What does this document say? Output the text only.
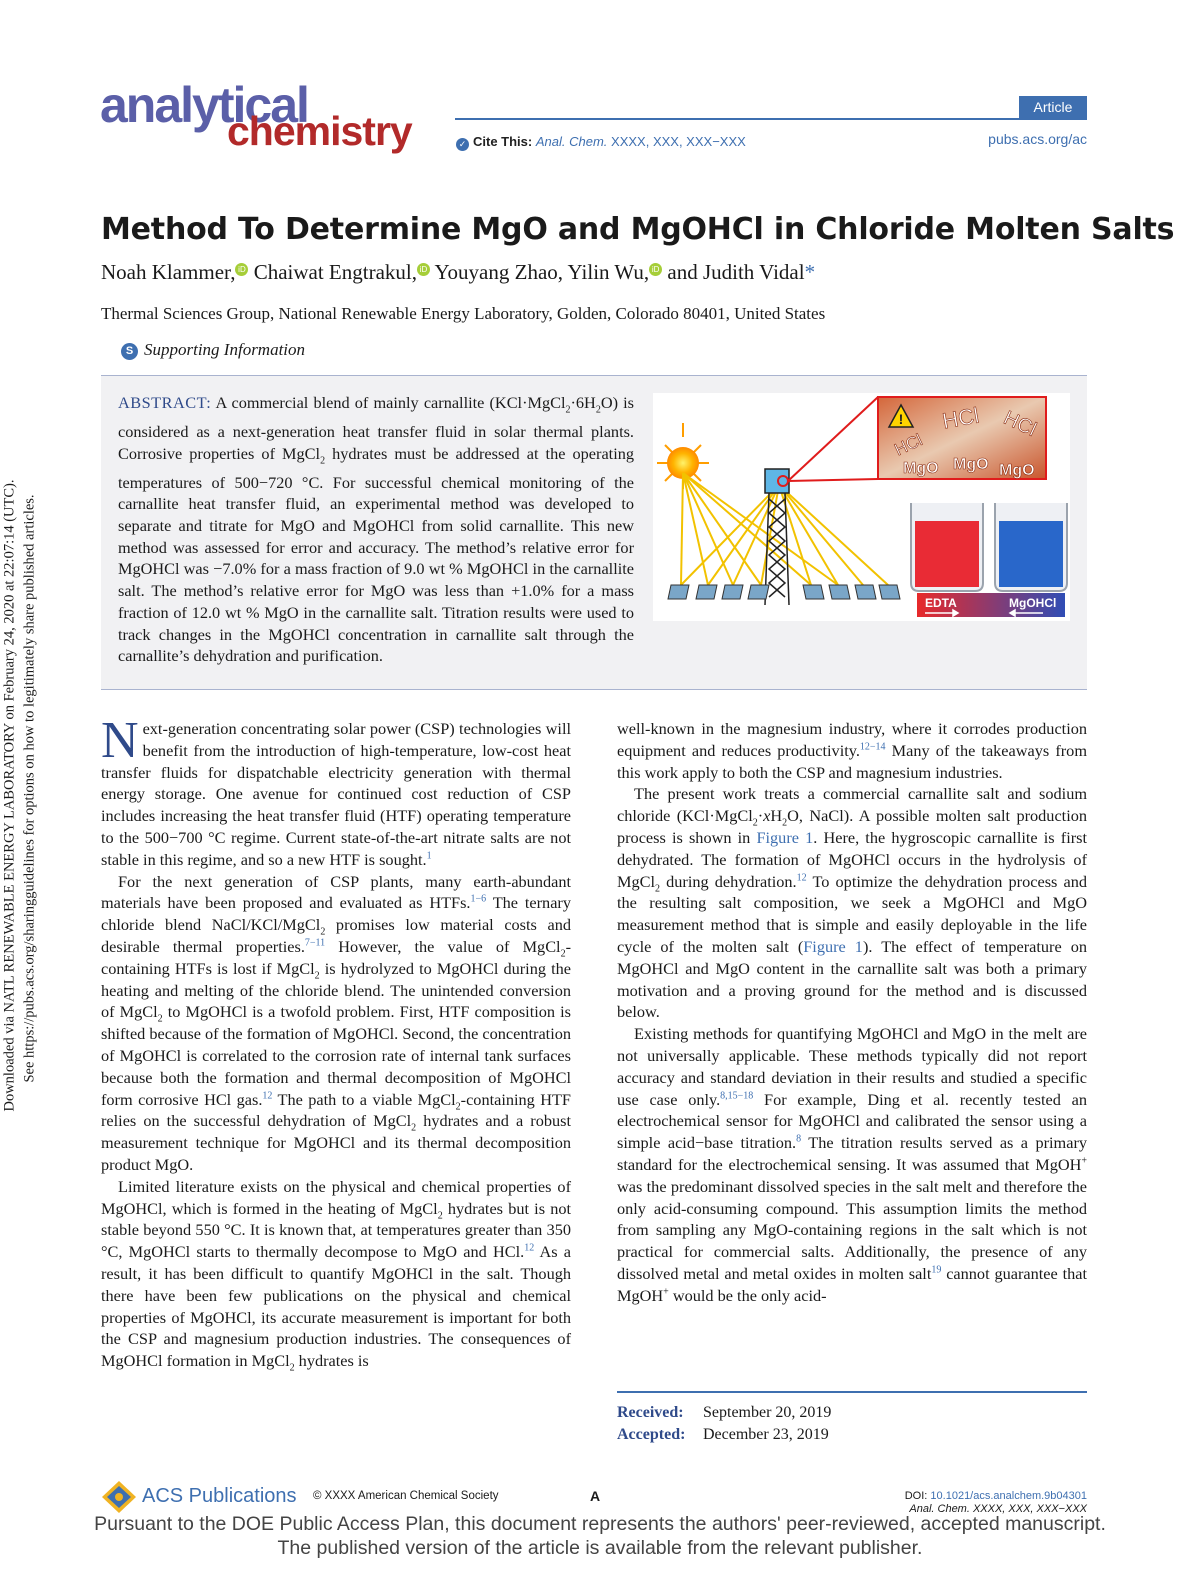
Downloaded via NATL RENEWABLE ENERGY LABORATORY on February 24, 2020 at 22:07:14 (UTC). See https://pubs.acs.org/sharingguidelines for options on how to legitimately share published articles.
analytical
chemistry
Article
✓ Cite This: Anal. Chem. XXXX, XXX, XXX−XXX	pubs.acs.org/ac
Method To Determine MgO and MgOHCl in Chloride Molten Salts
Noah Klammer, iD Chaiwat Engtrakul, iD Youyang Zhao, Yilin Wu, iD and Judith Vidal*
Thermal Sciences Group, National Renewable Energy Laboratory, Golden, Colorado 80401, United States
S Supporting Information
ABSTRACT: A commercial blend of mainly carnallite $(KCl\cdot MgCl_2\cdot 6H_2O)$ is considered as a next-generation heat transfer fluid in solar thermal plants. Corrosive properties of MgCl$_2$ hydrates must be addressed at the operating temperatures of 500−720 °C. For successful chemical monitoring of the carnallite heat transfer fluid, an experimental method was developed to separate and titrate for MgO and MgOHCl from solid carnallite. This new method was assessed for error and accuracy. The method’s relative error for MgOHCl was −7.0% for a mass fraction of 9.0 wt % MgOHCl in the carnallite salt. The method’s relative error for MgO was less than +1.0% for a mass fraction of 12.0 wt % MgO in the carnallite salt. Titration results were used to track changes in the MgOHCl concentration in carnallite salt through the carnallite’s dehydration and purification.
!
HCl
HCl HCl
MgO MgO MgO
EDTA	MgOHCl

Next-generation concentrating solar power (CSP) technologies will benefit from the introduction of high-temperature, low-cost heat transfer fluids for dispatchable electricity generation with thermal energy storage. One avenue for continued cost reduction of CSP includes increasing the heat transfer fluid (HTF) operating temperature to the 500−700 °C regime. Current state-of-the-art nitrate salts are not stable in this regime, and so a new HTF is sought.$^1$

For the next generation of CSP plants, many earth-abundant materials have been proposed and evaluated as HTFs.$^{1-6}$ The ternary chloride blend NaCl/KCl/MgCl$_2$ promises low material costs and desirable thermal properties.$^{7-11}$ However, the value of MgCl$_2$-containing HTFs is lost if MgCl$_2$ is hydrolyzed to MgOHCl during the heating and melting of the chloride blend. The unintended conversion of MgCl$_2$ to MgOHCl is a twofold problem. First, HTF composition is shifted because of the formation of MgOHCl. Second, the concentration of MgOHCl is correlated to the corrosion rate of internal tank surfaces because both the formation and thermal decomposition of MgOHCl form corrosive HCl gas.$^{12}$ The path to a viable MgCl$_2$-containing HTF relies on the successful dehydration of MgCl$_2$ hydrates and a robust measurement technique for MgOHCl and its thermal decomposition product MgO.

Limited literature exists on the physical and chemical properties of MgOHCl, which is formed in the heating of MgCl$_2$ hydrates but is not stable beyond 550 °C. It is known that, at temperatures greater than 350 °C, MgOHCl starts to thermally decompose to MgO and HCl.$^{12}$ As a result, it has been difficult to quantify MgOHCl in the salt. Though there have been few publications on the physical and chemical properties of MgOHCl, its accurate measurement is important for both the CSP and magnesium production industries. The consequences of MgOHCl formation in MgCl$_2$ hydrates is

well-known in the magnesium industry, where it corrodes production equipment and reduces productivity.$^{12-14}$ Many of the takeaways from this work apply to both the CSP and magnesium industries.

The present work treats a commercial carnallite salt and sodium chloride ($KCl\cdot MgCl_2\cdot xH_2O$, NaCl). A possible molten salt production process is shown in Figure 1. Here, the hygroscopic carnallite is first dehydrated. The formation of MgOHCl occurs in the hydrolysis of MgCl$_2$ during dehydration.$^{12}$ To optimize the dehydration process and the resulting salt composition, we seek a MgOHCl and MgO measurement method that is simple and easily deployable in the life cycle of the molten salt (Figure 1). The effect of temperature on MgOHCl and MgO content in the carnallite salt was both a primary motivation and a proving ground for the method and is discussed below.

Existing methods for quantifying MgOHCl and MgO in the melt are not universally applicable. These methods typically did not report accuracy and standard deviation in their results and studied a specific use case only.$^{8,15-18}$ For example, Ding et al. recently tested an electrochemical sensor for MgOHCl and calibrated the sensor using a simple acid−base titration.$^8$ The titration results served as a primary standard for the electrochemical sensing. It was assumed that MgOH+ was the predominant dissolved species in the salt melt and therefore the only acid-consuming compound. This assumption limits the method from sampling any MgO-containing regions in the salt which is not practical for commercial salts. Additionally, the presence of any dissolved metal and metal oxides in molten salt$^{19}$ cannot guarantee that MgOH+ would be the only acid-

Received: September 20, 2019
Accepted: December 23, 2019
ACS Publications © XXXX American Chemical Society	A	DOI: 10.1021/acs.analchem.9b04301
Anal. Chem. XXXX, XXX, XXX−XXX
Pursuant to the DOE Public Access Plan, this document represents the authors' peer-reviewed, accepted manuscript.
The published version of the article is available from the relevant publisher.
